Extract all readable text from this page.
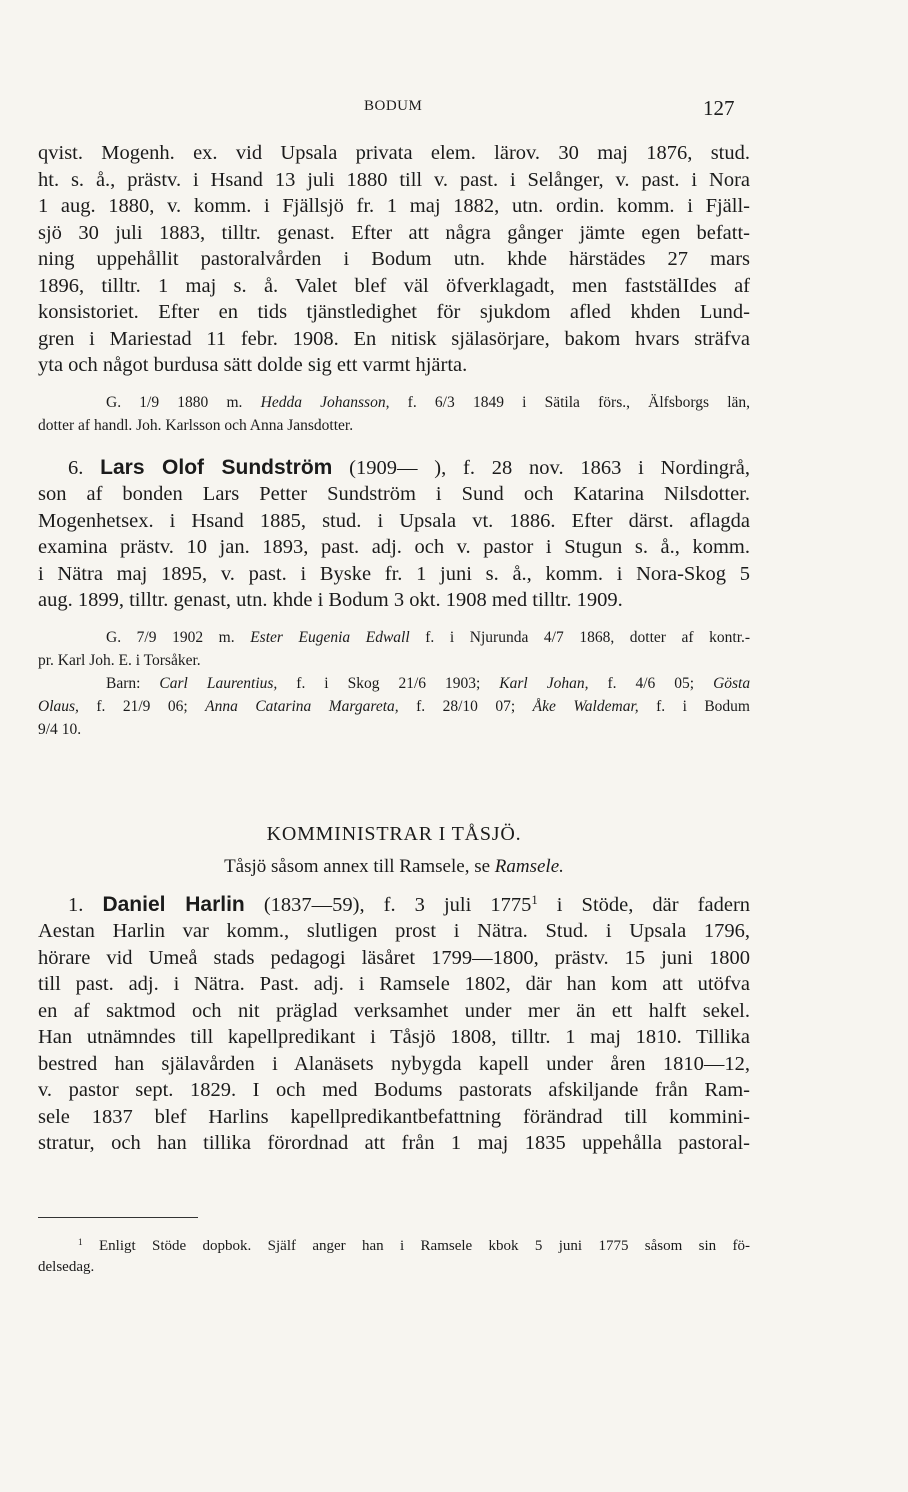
BODUM	127
qvist. Mogenh. ex. vid Upsala privata elem. lärov. 30 maj 1876, stud.
ht. s. å., prästv. i Hsand 13 juli 1880 till v. past. i Selånger, v. past. i Nora
1 aug. 1880, v. komm. i Fjällsjö fr. 1 maj 1882, utn. ordin. komm. i Fjäll-
sjö 30 juli 1883, tilltr. genast. Efter att några gånger jämte egen befatt-
ning uppehållit pastoralvården i Bodum utn. khde härstädes 27 mars
1896, tilltr. 1 maj s. å. Valet blef väl öfverklagadt, men faststälIdes af
konsistoriet. Efter en tids tjänstledighet för sjukdom afled khden Lund-
gren i Mariestad 11 febr. 1908. En nitisk själasörjare, bakom hvars sträfva
yta och något burdusa sätt dolde sig ett varmt hjärta.
G. 1/9 1880 m. Hedda Johansson, f. 6/3 1849 i Sätila förs., Älfsborgs län,
dotter af handl. Joh. Karlsson och Anna Jansdotter.
6. Lars Olof Sundström (1909— ), f. 28 nov. 1863 i Nordingrå,
son af bonden Lars Petter Sundström i Sund och Katarina Nilsdotter.
Mogenhetsex. i Hsand 1885, stud. i Upsala vt. 1886. Efter därst. aflagda
examina prästv. 10 jan. 1893, past. adj. och v. pastor i Stugun s. å., komm.
i Nätra maj 1895, v. past. i Byske fr. 1 juni s. å., komm. i Nora-Skog 5
aug. 1899, tilltr. genast, utn. khde i Bodum 3 okt. 1908 med tilltr. 1909.
G. 7/9 1902 m. Ester Eugenia Edwall f. i Njurunda 4/7 1868, dotter af kontr.-
pr. Karl Joh. E. i Torsåker.
Barn: Carl Laurentius, f. i Skog 21/6 1903; Karl Johan, f. 4/6 05; Gösta
Olaus, f. 21/9 06; Anna Catarina Margareta, f. 28/10 07; Åke Waldemar, f. i Bodum
9/4 10.

KOMMINISTRAR I TÅSJÖ.

Tåsjö såsom annex till Ramsele, se Ramsele.

1. Daniel Harlin (1837—59), f. 3 juli 1775$^1$ i Stöde, där fadern
Aestan Harlin var komm., slutligen prost i Nätra. Stud. i Upsala 1796,
hörare vid Umeå stads pedagogi läsåret 1799—1800, prästv. 15 juni 1800
till past. adj. i Nätra. Past. adj. i Ramsele 1802, där han kom att utöfva
en af saktmod och nit präglad verksamhet under mer än ett halft sekel.
Han utnämndes till kapellpredikant i Tåsjö 1808, tilltr. 1 maj 1810. Tillika
bestred han själavården i Alanäsets nybygda kapell under åren 1810—12,
v. pastor sept. 1829. I och med Bodums pastorats afskiljande från Ram-
sele 1837 blef Harlins kapellpredikantbefattning förändrad till kommini-
stratur, och han tillika förordnad att från 1 maj 1835 uppehålla pastoral-
$^1$ Enligt Stöde dopbok. Själf anger han i Ramsele kbok 5 juni 1775 såsom sin fö-
delsedag.
